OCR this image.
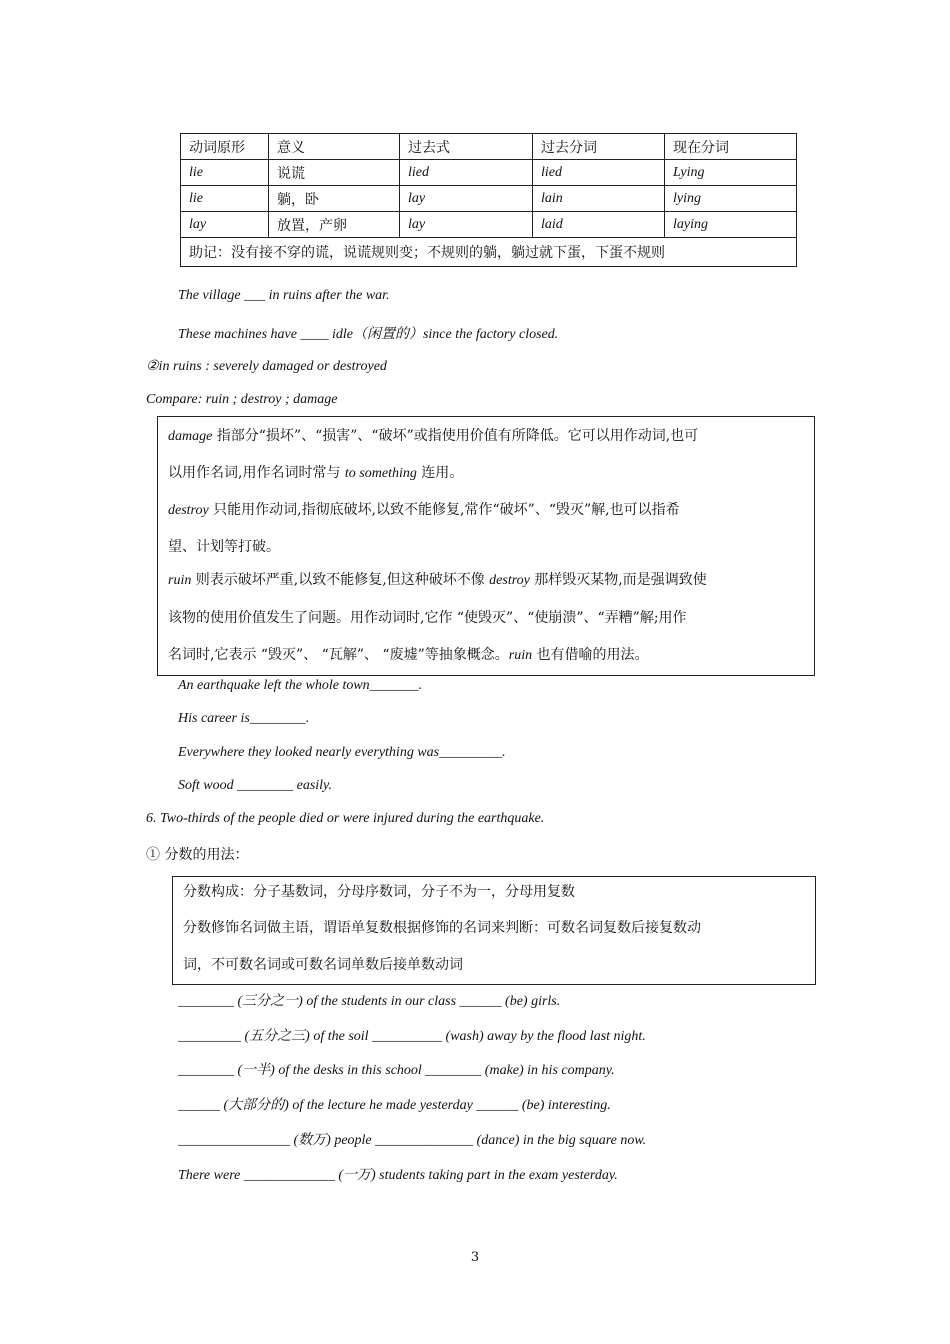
动词原形	意义	过去式	过去分词	现在分词
lie	说谎	lied	lied	Lying
lie	躺，卧	lay	lain	lying
lay	放置，产卵	lay	laid	laying
助记：没有接不穿的谎，说谎规则变；不规则的躺，躺过就下蛋，下蛋不规则				
The village ___ in ruins after the war.
These machines have ____ idle（闲置的）since the factory closed.
②in ruins : severely damaged or destroyed
Compare: ruin ; destroy ; damage

damage 指部分“损坏”、“损害”、“破坏”或指使用价值有所降低。它可以用作动词,也可

以用作名词,用作名词时常与 to something 连用。

destroy 只能用作动词,指彻底破坏,以致不能修复,常作“破坏”、“毁灭”解,也可以指希

望、计划等打破。

ruin 则表示破坏严重,以致不能修复,但这种破坏不像 destroy 那样毁灭某物,而是强调致使

该物的使用价值发生了问题。用作动词时,它作 “使毁灭”、“使崩溃”、“弄糟”解;用作

名词时,它表示 “毁灭”、 “瓦解”、 “废墟”等抽象概念。ruin 也有借喻的用法。

An earthquake left the whole town_______.
His career is________.
Everywhere they looked nearly everything was_________.
Soft wood ________ easily.
6. Two-thirds of the people died or were injured during the earthquake.
① 分数的用法：

分数构成：分子基数词，分母序数词，分子不为一，分母用复数

分数修饰名词做主语，谓语单复数根据修饰的名词来判断：可数名词复数后接复数动

词，不可数名词或可数名词单数后接单数动词

________ (三分之一) of the students in our class ______ (be) girls.
_________ (五分之三) of the soil __________ (wash) away by the flood last night.
________ (一半) of the desks in this school ________ (make) in his company.
______ (大部分的) of the lecture he made yesterday ______ (be) interesting.
________________ (数万) people ______________ (dance) in the big square now.
There were _____________ (一万) students taking part in the exam yesterday.
3
